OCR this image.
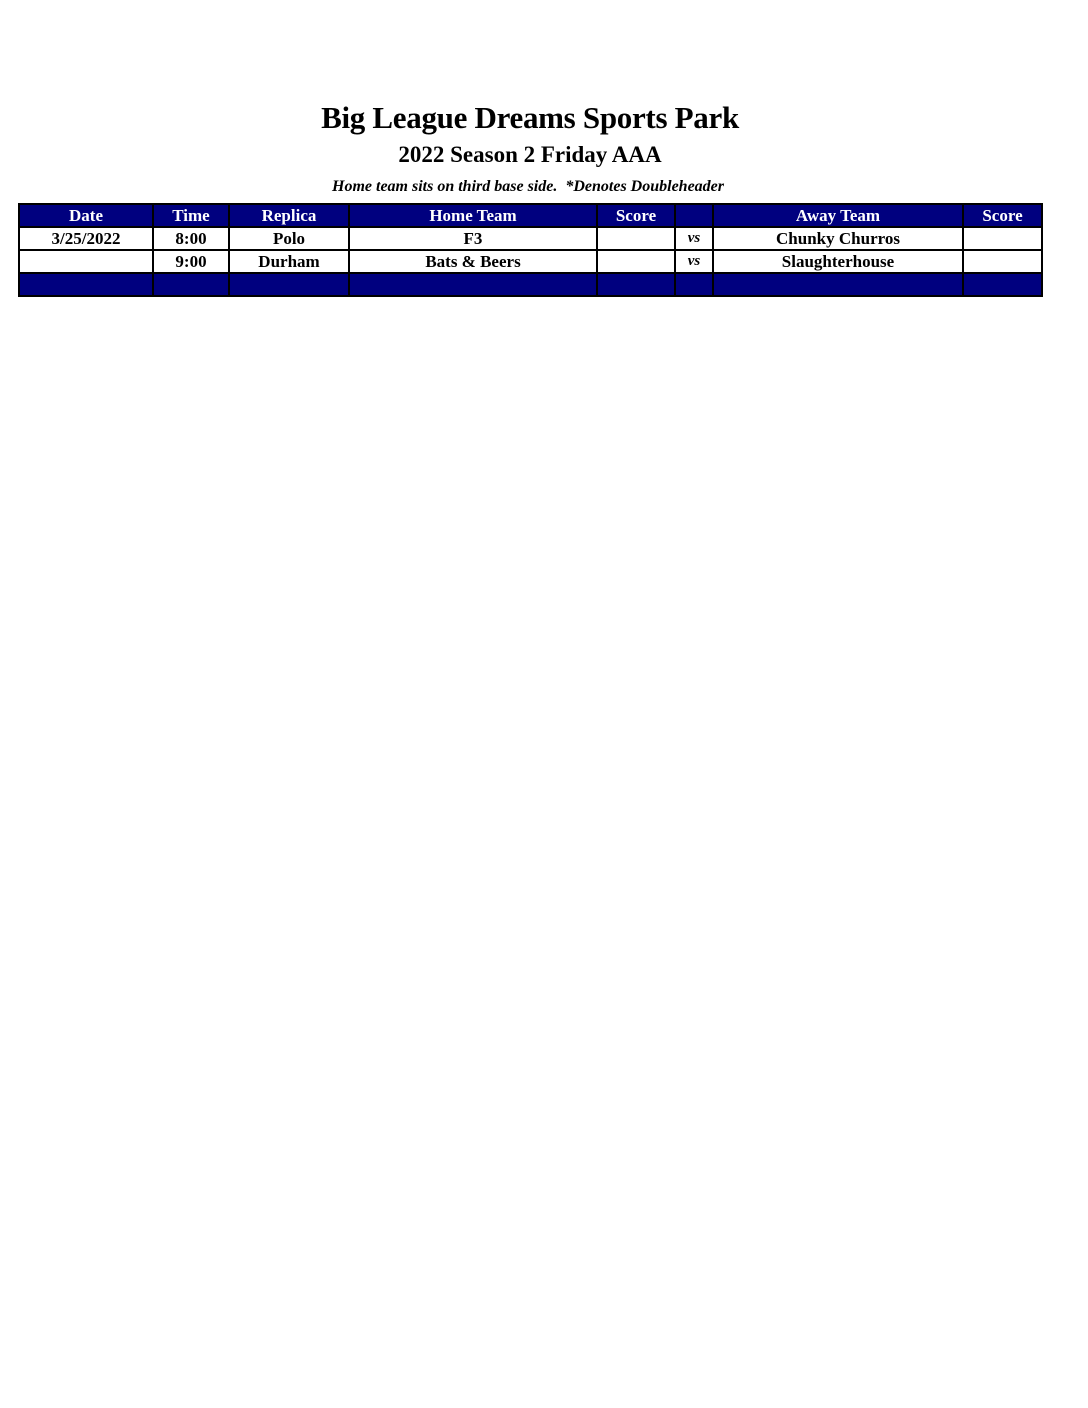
Big League Dreams Sports Park
2022 Season 2 Friday AAA
Home team sits on third base side.  *Denotes Doubleheader
Date	Time	Replica	Home Team	Score		Away Team	Score
3/25/2022	8:00	Polo	F3		vs	Chunky Churros	
	9:00	Durham	Bats & Beers		vs	Slaughterhouse	
